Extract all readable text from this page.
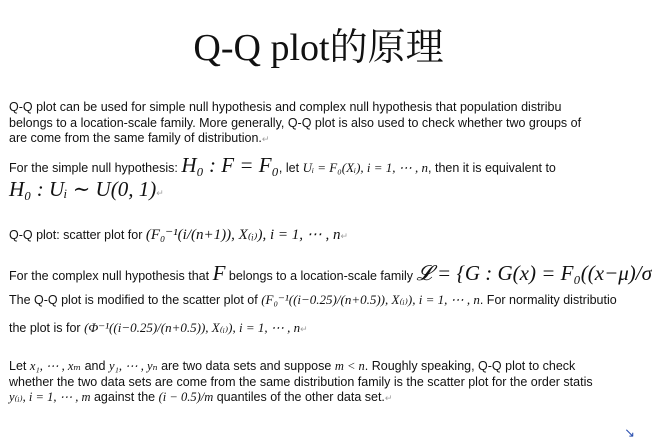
Q-Q plot的原理
Q-Q plot can be used for simple null hypothesis and complex null hypothesis that population distribu
belongs to a location-scale family. More generally, Q-Q plot is also used to check whether two groups of
are come from the same family of distribution.↵
For the simple null hypothesis: H₀ : F = F₀, let Uᵢ = F₀(Xᵢ), i = 1, ⋯ , n, then it is equivalent to
H₀ : Uᵢ ∼ U(0, 1)↵
Q-Q plot: scatter plot for (F₀⁻¹(i/(n+1)), X₍ᵢ₎), i = 1, ⋯ , n↵
For the complex null hypothesis that F belongs to a location-scale family 𝓛 = {G : G(x) = F₀((x−μ)/σ
The Q-Q plot is modified to the scatter plot of (F₀⁻¹((i−0.25)/(n+0.5)), X₍ᵢ₎), i = 1, ⋯ , n. For normality distributio
the plot is for (Φ⁻¹((i−0.25)/(n+0.5)), X₍ᵢ₎), i = 1, ⋯ , n↵
Let x₁, ⋯ , xₘ and y₁, ⋯ , yₙ are two data sets and suppose m < n. Roughly speaking, Q-Q plot to check
whether the two data sets are come from the same distribution family is the scatter plot for the order statis
y₍ᵢ₎, i = 1, ⋯ , m against the (i − 0.5)/m quantiles of the other data set.↵
↘
